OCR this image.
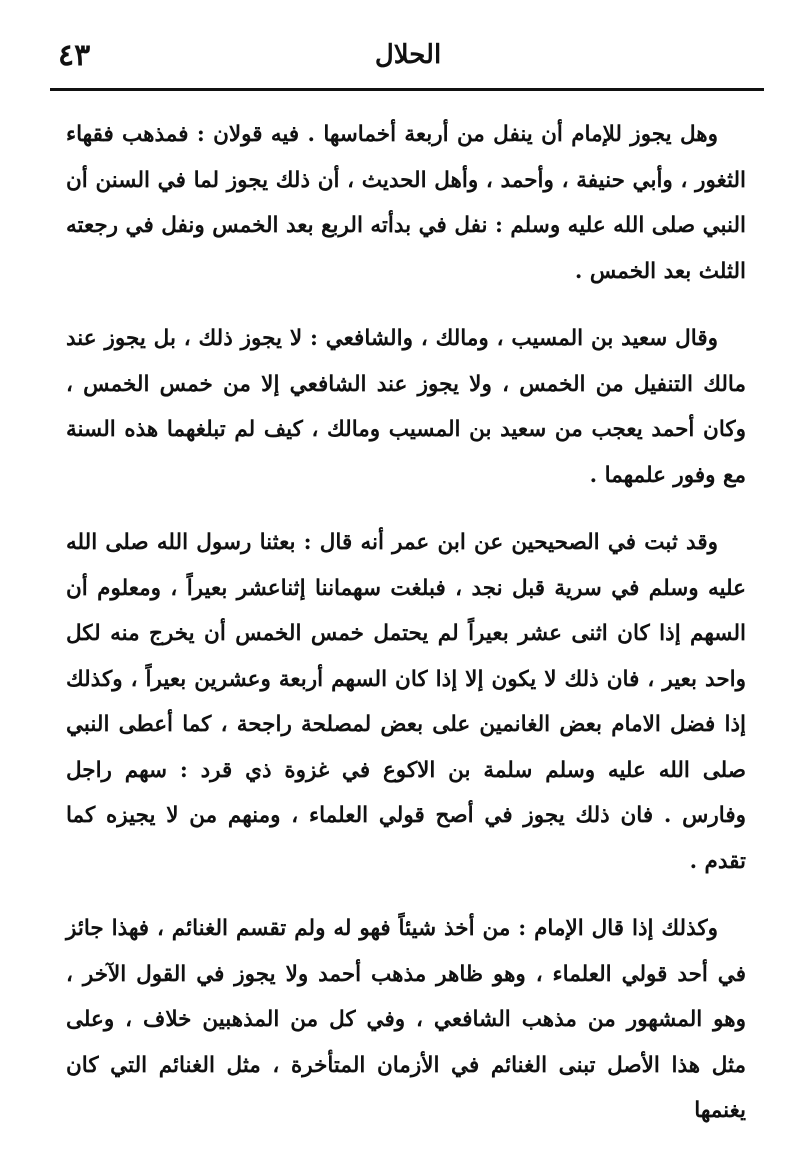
٤٣	الحلال

وهل يجوز للإمام أن ينفل من أربعة أخماسها . فيه قولان : فمذهب فقهاء الثغور ، وأبي حنيفة ، وأحمد ، وأهل الحديث ، أن ذلك يجوز لما في السنن أن النبي صلى الله عليه وسلم : نفل في بدأته الربع بعد الخمس ونفل في رجعته الثلث بعد الخمس .

وقال سعيد بن المسيب ، ومالك ، والشافعي : لا يجوز ذلك ، بل يجوز عند مالك التنفيل من الخمس ، ولا يجوز عند الشافعي إلا من خمس الخمس ، وكان أحمد يعجب من سعيد بن المسيب ومالك ، كيف لم تبلغهما هذه السنة مع وفور علمهما .

وقد ثبت في الصحيحين عن ابن عمر أنه قال : بعثنا رسول الله صلى الله عليه وسلم في سرية قبل نجد ، فبلغت سهماننا إثناعشر بعيراً ، ومعلوم أن السهم إذا كان اثنى عشر بعيراً لم يحتمل خمس الخمس أن يخرج منه لكل واحد بعير ، فان ذلك لا يكون إلا إذا كان السهم أربعة وعشرين بعيراً ، وكذلك إذا فضل الامام بعض الغانمين على بعض لمصلحة راجحة ، كما أعطى النبي صلى الله عليه وسلم سلمة بن الاكوع في غزوة ذي قرد : سهم راجل وفارس . فان ذلك يجوز في أصح قولي العلماء ، ومنهم من لا يجيزه كما تقدم .

وكذلك إذا قال الإمام : من أخذ شيئاً فهو له ولم تقسم الغنائم ، فهذا جائز في أحد قولي العلماء ، وهو ظاهر مذهب أحمد ولا يجوز في القول الآخر ، وهو المشهور من مذهب الشافعي ، وفي كل من المذهبين خلاف ، وعلى مثل هذا الأصل تبنى الغنائم في الأزمان المتأخرة ، مثل الغنائم التي كان يغنمها
